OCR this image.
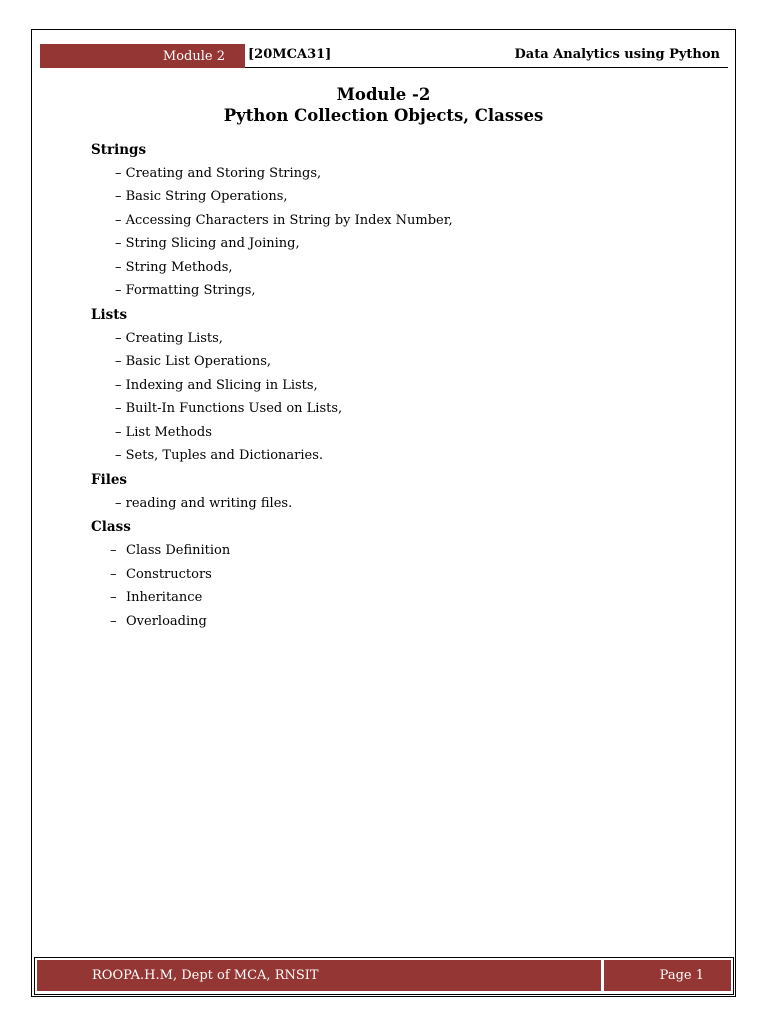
Module 2	[20MCA31]	Data Analytics using Python
Module -2
Python Collection Objects, Classes
Strings
– Creating and Storing Strings,
– Basic String Operations,
– Accessing Characters in String by Index Number,
– String Slicing and Joining,
– String Methods,
– Formatting Strings,
Lists
– Creating Lists,
– Basic List Operations,
– Indexing and Slicing in Lists,
– Built-In Functions Used on Lists,
– List Methods
– Sets, Tuples and Dictionaries.
Files
– reading and writing files.
Class
– Class Definition
– Constructors
– Inheritance
– Overloading
ROOPA.H.M, Dept of MCA, RNSIT	Page 1
